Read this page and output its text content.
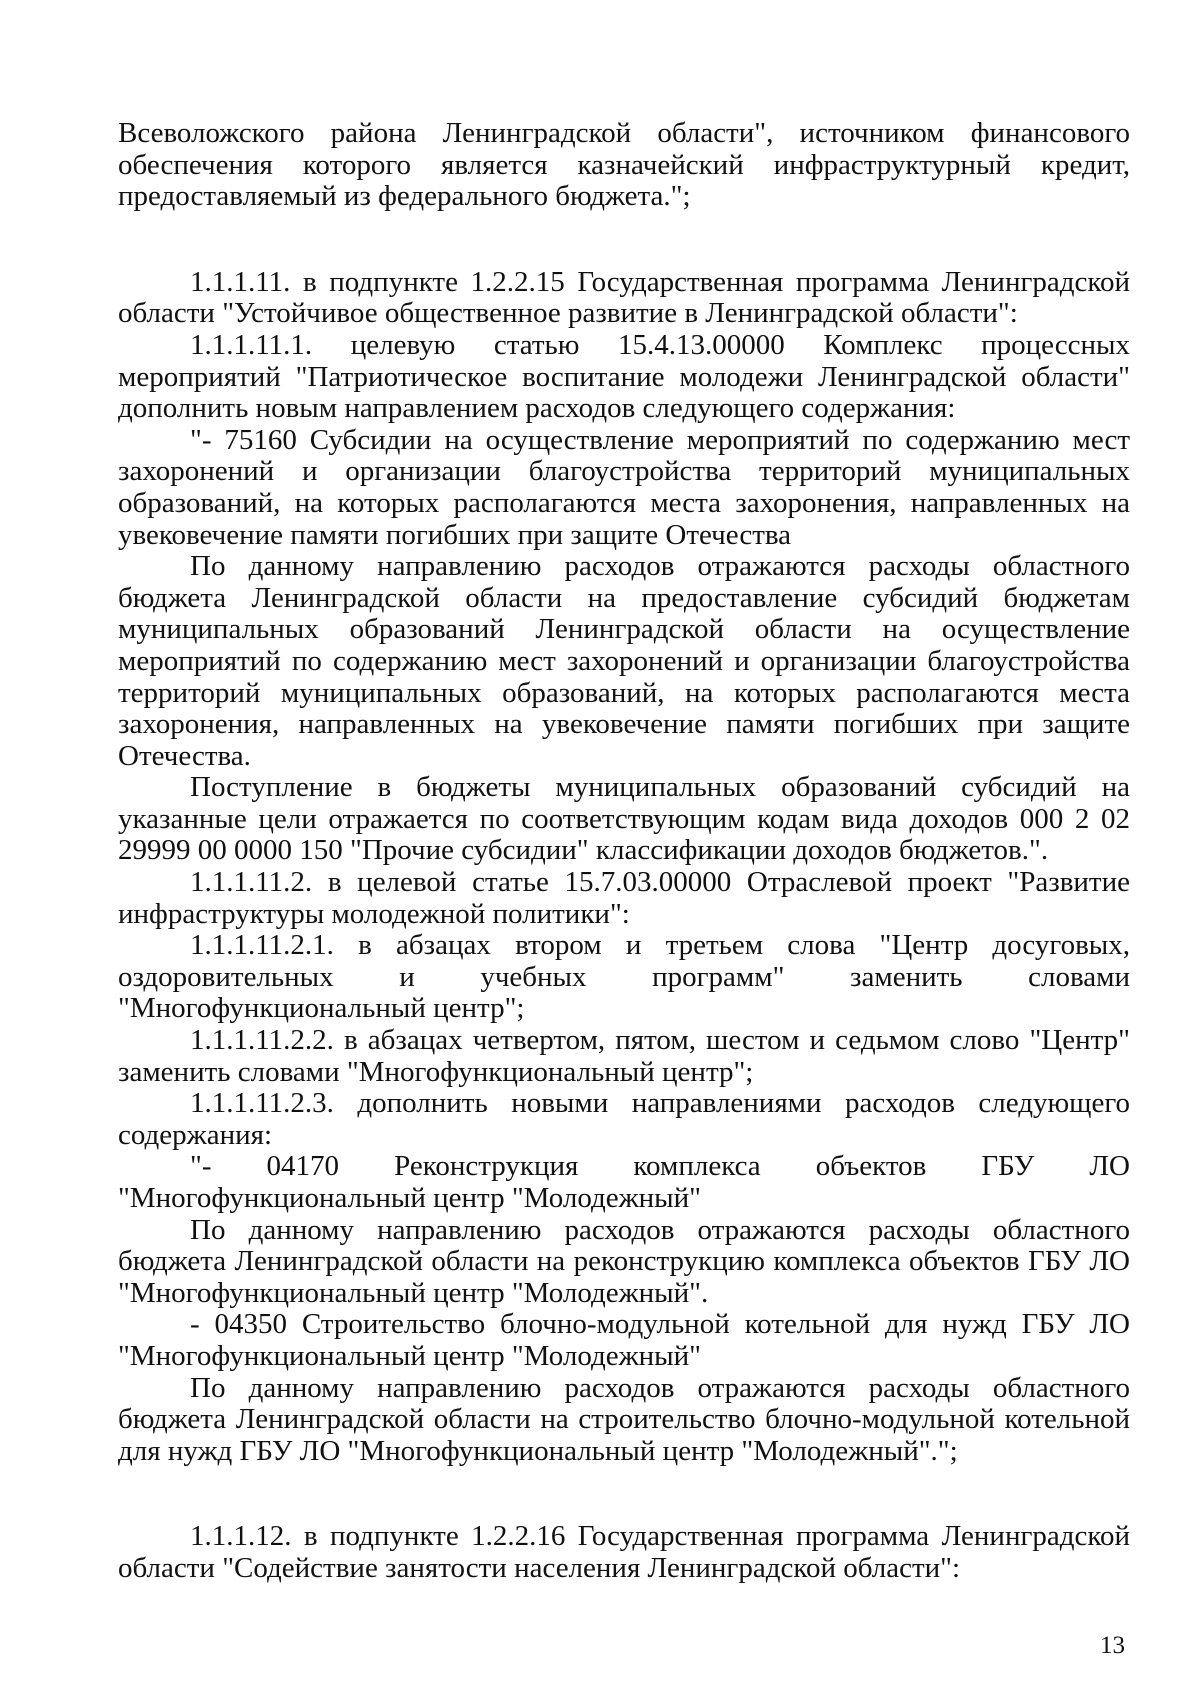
Всеволожского района Ленинградской области", источником финансового
обеспечения которого является казначейский инфраструктурный кредит,
предоставляемый из федерального бюджета.";
1.1.1.11. в подпункте 1.2.2.15 Государственная программа Ленинградской
области "Устойчивое общественное развитие в Ленинградской области":
1.1.1.11.1. целевую статью 15.4.13.00000 Комплекс процессных
мероприятий "Патриотическое воспитание молодежи Ленинградской области"
дополнить новым направлением расходов следующего содержания:
"- 75160 Субсидии на осуществление мероприятий по содержанию мест
захоронений и организации благоустройства территорий муниципальных
образований, на которых располагаются места захоронения, направленных на
увековечение памяти погибших при защите Отечества
По данному направлению расходов отражаются расходы областного
бюджета Ленинградской области на предоставление субсидий бюджетам
муниципальных образований Ленинградской области на осуществление
мероприятий по содержанию мест захоронений и организации благоустройства
территорий муниципальных образований, на которых располагаются места
захоронения, направленных на увековечение памяти погибших при защите
Отечества.
Поступление в бюджеты муниципальных образований субсидий на
указанные цели отражается по соответствующим кодам вида доходов 000 2 02
29999 00 0000 150 "Прочие субсидии" классификации доходов бюджетов.".
1.1.1.11.2. в целевой статье 15.7.03.00000 Отраслевой проект "Развитие
инфраструктуры молодежной политики":
1.1.1.11.2.1. в абзацах втором и третьем слова "Центр досуговых,
оздоровительных и учебных программ" заменить словами
"Многофункциональный центр";
1.1.1.11.2.2. в абзацах четвертом, пятом, шестом и седьмом слово "Центр"
заменить словами "Многофункциональный центр";
1.1.1.11.2.3. дополнить новыми направлениями расходов следующего
содержания:
"- 04170 Реконструкция комплекса объектов ГБУ ЛО
"Многофункциональный центр "Молодежный"
По данному направлению расходов отражаются расходы областного
бюджета Ленинградской области на реконструкцию комплекса объектов ГБУ ЛО
"Многофункциональный центр "Молодежный".
- 04350 Строительство блочно-модульной котельной для нужд ГБУ ЛО
"Многофункциональный центр "Молодежный"
По данному направлению расходов отражаются расходы областного
бюджета Ленинградской области на строительство блочно-модульной котельной
для нужд ГБУ ЛО "Многофункциональный центр "Молодежный".";
1.1.1.12. в подпункте 1.2.2.16 Государственная программа Ленинградской
области "Содействие занятости населения Ленинградской области":
13
